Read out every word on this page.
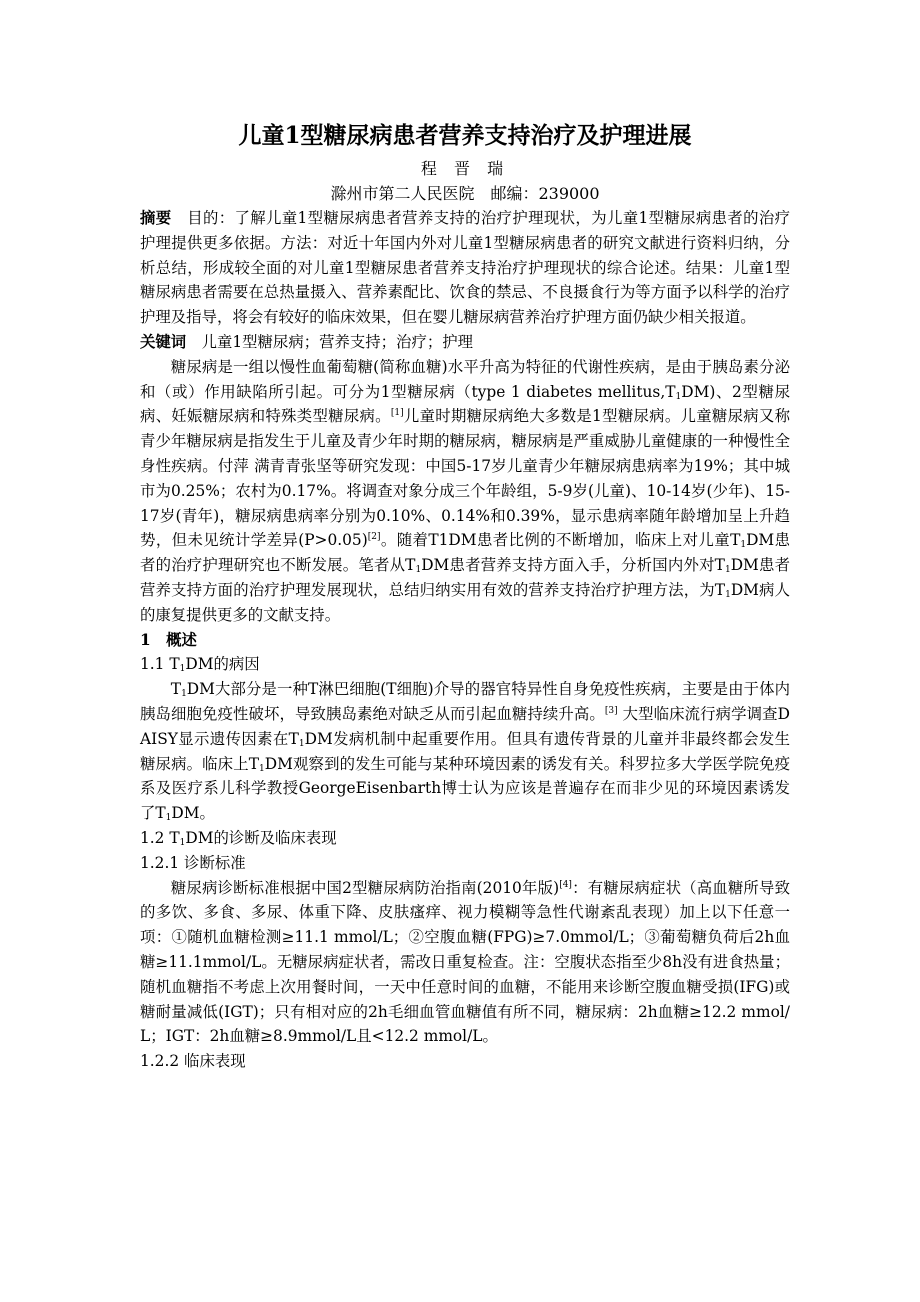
儿童1型糖尿病患者营养支持治疗及护理进展
程 晋 瑞
滁州市第二人民医院　邮编：239000

摘要　目的：了解儿童1型糖尿病患者营养支持的治疗护理现状，为儿童1型糖尿病患者的治疗护理提供更多依据。方法：对近十年国内外对儿童1型糖尿病患者的研究文献进行资料归纳，分析总结，形成较全面的对儿童1型糖尿患者营养支持治疗护理现状的综合论述。结果：儿童1型糖尿病患者需要在总热量摄入、营养素配比、饮食的禁忌、不良摄食行为等方面予以科学的治疗护理及指导，将会有较好的临床效果，但在婴儿糖尿病营养治疗护理方面仍缺少相关报道。

关键词　儿童1型糖尿病；营养支持；治疗；护理

糖尿病是一组以慢性血葡萄糖(简称血糖)水平升高为特征的代谢性疾病，是由于胰岛素分泌和（或）作用缺陷所引起。可分为1型糖尿病（type 1 diabetes $mellitus,T_1DM$)、2型糖尿病、妊娠糖尿病和特殊类型糖尿病。[1]儿童时期糖尿病绝大多数是1型糖尿病。儿童糖尿病又称青少年糖尿病是指发生于儿童及青少年时期的糖尿病，糖尿病是严重威胁儿童健康的一种慢性全身性疾病。付萍 满青青张坚等研究发现：中国5-17岁儿童青少年糖尿病患病率为19%；其中城市为0.25%；农村为0.17%。将调查对象分成三个年龄组，5-9岁(儿童)、10-14岁(少年)、15-17岁(青年)，糖尿病患病率分别为0.10%、0.14%和0.39%，显示患病率随年龄增加呈上升趋势，但未见统计学差异(P>0.05)[2]。随着T1DM患者比例的不断增加，临床上对儿童$T_1DM$患者的治疗护理研究也不断发展。笔者从$T_1DM$患者营养支持方面入手，分析国内外对$T_1DM$患者营养支持方面的治疗护理发展现状，总结归纳实用有效的营养支持治疗护理方法，为$T_1DM$病人的康复提供更多的文献支持。

1　概述
1.1 $T_1DM$的病因

$T_1DM$大部分是一种T淋巴细胞(T细胞)介导的器官特异性自身免疫性疾病，主要是由于体内胰岛细胞免疫性破坏，导致胰岛素绝对缺乏从而引起血糖持续升高。[3] 大型临床流行病学调查DAISY显示遗传因素在$T_1DM$发病机制中起重要作用。但具有遗传背景的儿童并非最终都会发生糖尿病。临床上$T_1DM$观察到的发生可能与某种环境因素的诱发有关。科罗拉多大学医学院免疫系及医疗系儿科学教授GeorgeEisenbarth博士认为应该是普遍存在而非少见的环境因素诱发了$T_1DM$。

1.2 $T_1DM$的诊断及临床表现
1.2.1 诊断标准

糖尿病诊断标准根据中国2型糖尿病防治指南(2010年版)[4]：有糖尿病症状（高血糖所导致的多饮、多食、多尿、体重下降、皮肤瘙痒、视力模糊等急性代谢紊乱表现）加上以下任意一项：①随机血糖检测≥11.1 mmol/L；②空腹血糖(FPG)≥7.0mmol/L；③葡萄糖负荷后2h血糖≥11.1mmol/L。无糖尿病症状者，需改日重复检查。注：空腹状态指至少8h没有进食热量；随机血糖指不考虑上次用餐时间，一天中任意时间的血糖，不能用来诊断空腹血糖受损(IFG)或糖耐量减低(IGT)；只有相对应的2h毛细血管血糖值有所不同，糖尿病：2h血糖≥12.2 mmol/L；IGT：2h血糖≥8.9mmol/L且<12.2 mmol/L。

1.2.2 临床表现
